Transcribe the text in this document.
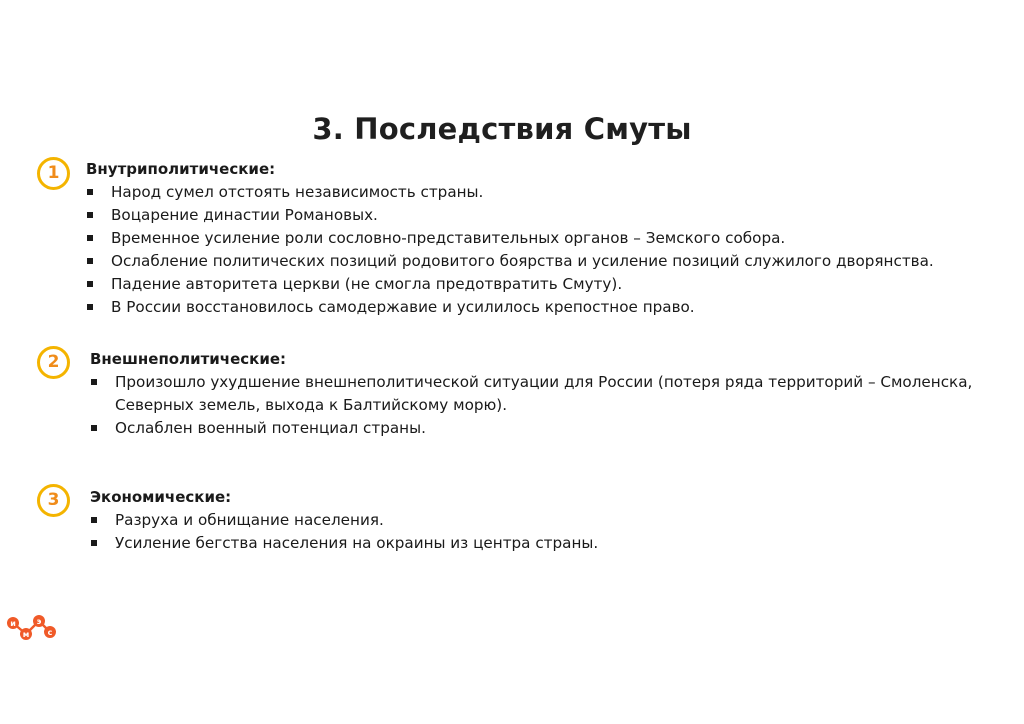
3. Последствия Смуты
1	Внутриполитические:
Народ сумел отстоять независимость страны.
Воцарение династии Романовых.
Временное усиление роли сословно-представительных органов – Земского собора.
Ослабление политических позиций родовитого боярства и усиление позиций служилого дворянства.
Падение авторитета церкви (не смогла предотвратить Смуту).
В России восстановилось самодержавие и усилилось крепостное право.
2	Внешнеполитические:
Произошло ухудшение внешнеполитической ситуации для России (потеря ряда территорий – Смоленска, Северных земель, выхода к Балтийскому морю).
Ослаблен военный потенциал страны.
3	Экономические:
Разруха и обнищание населения.
Усиление бегства населения на окраины из центра страны.
и
м
э
с
